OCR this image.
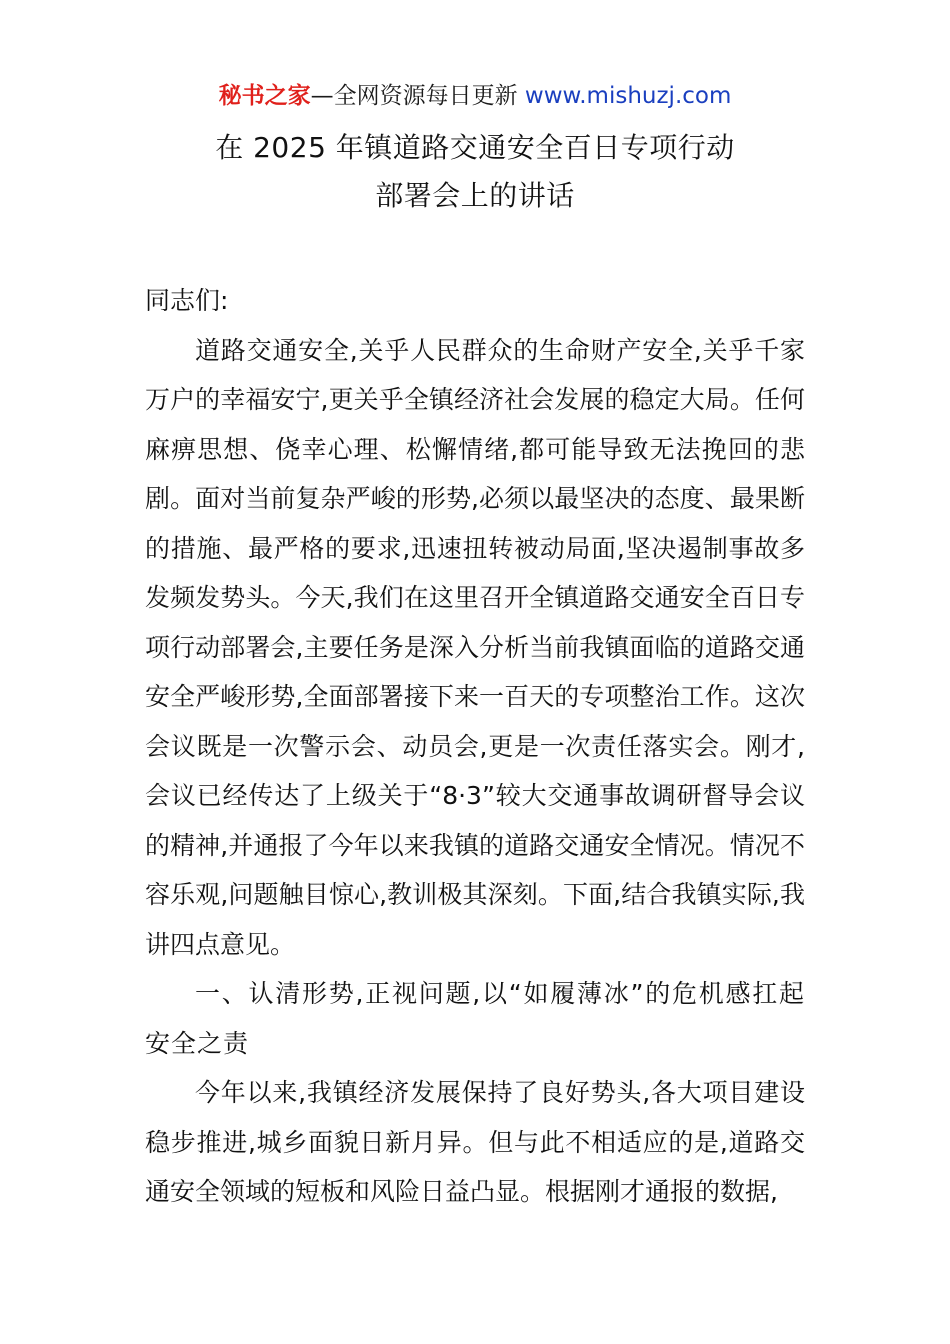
秘书之家—全网资源每日更新 www.mishuzj.com
在 2025 年镇道路交通安全百日专项行动
部署会上的讲话

同志们:

道路交通安全,关乎人民群众的生命财产安全,关乎千家万户的幸福安宁,更关乎全镇经济社会发展的稳定大局。任何麻痹思想、侥幸心理、松懈情绪,都可能导致无法挽回的悲剧。面对当前复杂严峻的形势,必须以最坚决的态度、最果断的措施、最严格的要求,迅速扭转被动局面,坚决遏制事故多发频发势头。今天,我们在这里召开全镇道路交通安全百日专项行动部署会,主要任务是深入分析当前我镇面临的道路交通安全严峻形势,全面部署接下来一百天的专项整治工作。这次会议既是一次警示会、动员会,更是一次责任落实会。刚才,会议已经传达了上级关于“8·3”较大交通事故调研督导会议的精神,并通报了今年以来我镇的道路交通安全情况。情况不容乐观,问题触目惊心,教训极其深刻。下面,结合我镇实际,我讲四点意见。

一、认清形势,正视问题,以“如履薄冰”的危机感扛起安全之责

今年以来,我镇经济发展保持了良好势头,各大项目建设稳步推进,城乡面貌日新月异。但与此不相适应的是,道路交通安全领域的短板和风险日益凸显。根据刚才通报的数据,
